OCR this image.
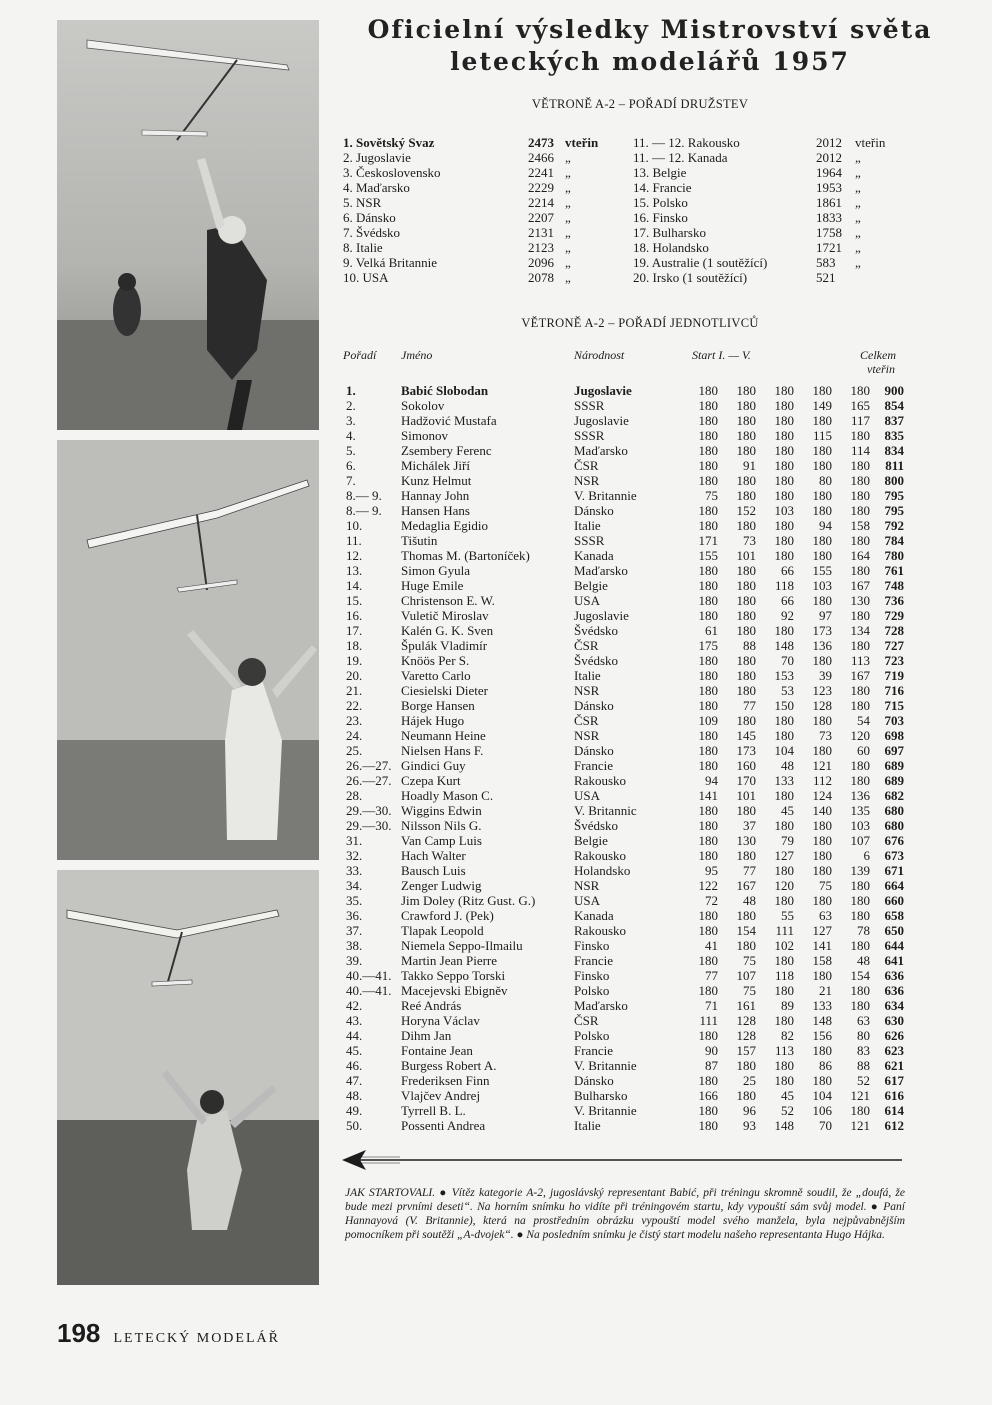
Oficielní výsledky Mistrovství světa
leteckých modelářů 1957
VĚTRONĚ A-2 – POŘADÍ DRUŽSTEV
1. Sovětský Svaz	2473 vteřin
2. Jugoslavie	2466 „
3. Československo	2241 „
4. Maďarsko	2229 „
5. NSR	2214 „
6. Dánsko	2207 „
7. Švédsko	2131 „
8. Italie	2123 „
9. Velká Britannie	2096 „
10. USA	2078 „
11. — 12. Rakousko	2012 vteřin
11. — 12. Kanada	2012 „
13. Belgie	1964 „
14. Francie	1953 „
15. Polsko	1861 „
16. Finsko	1833 „
17. Bulharsko	1758 „
18. Holandsko	1721 „
19. Australie (1 soutěžící)	583 „
20. Irsko (1 soutěžící)	521
VĚTRONĚ A-2 – POŘADÍ JEDNOTLIVCŮ
Pořadí Jméno	Národnost	Start I. — V.	Celkem
vteřin
1.	Babić Slobodan	Jugoslavie	180	180	180	180	180	900
2.	Sokolov	SSSR	180	180	180	149	165	854
3.	Hadžović Mustafa	Jugoslavie	180	180	180	180	117	837
4.	Simonov	SSSR	180	180	180	115	180	835
5.	Zsembery Ferenc	Maďarsko	180	180	180	180	114	834
6.	Michálek Jiří	ČSR	180	91	180	180	180	811
7.	Kunz Helmut	NSR	180	180	180	80	180	800
8.— 9. Hannay John	V. Britannie	75	180	180	180	180	795
8.— 9. Hansen Hans	Dánsko	180	152	103	180	180	795
10.	Medaglia Egidio	Italie	180	180	180	94	158	792
11.	Tišutin	SSSR	171	73	180	180	180	784
12.	Thomas M. (Bartoníček)	Kanada	155	101	180	180	164	780
13.	Simon Gyula	Maďarsko	180	180	66	155	180	761
14.	Huge Emile	Belgie	180	180	118	103	167	748
15.	Christenson E. W.	USA	180	180	66	180	130	736
16.	Vuletič Miroslav	Jugoslavie	180	180	92	97	180	729
17.	Kalén G. K. Sven	Švédsko	61	180	180	173	134	728
18.	Špulák Vladimír	ČSR	175	88	148	136	180	727
19.	Knöös Per S.	Švédsko	180	180	70	180	113	723
20.	Varetto Carlo	Italie	180	180	153	39	167	719
21.	Ciesielski Dieter	NSR	180	180	53	123	180	716
22.	Borge Hansen	Dánsko	180	77	150	128	180	715
23.	Hájek Hugo	ČSR	109	180	180	180	54	703
24.	Neumann Heine	NSR	180	145	180	73	120	698
25.	Nielsen Hans F.	Dánsko	180	173	104	180	60	697
26.—27. Gindici Guy	Francie	180	160	48	121	180	689
26.—27. Czepa Kurt	Rakousko	94	170	133	112	180	689
28.	Hoadly Mason C.	USA	141	101	180	124	136	682
29.—30. Wiggins Edwin	V. Britannic	180	180	45	140	135	680
29.—30. Nilsson Nils G.	Švédsko	180	37	180	180	103	680
31.	Van Camp Luis	Belgie	180	130	79	180	107	676
32.	Hach Walter	Rakousko	180	180	127	180	6	673
33.	Bausch Luis	Holandsko	95	77	180	180	139	671
34.	Zenger Ludwig	NSR	122	167	120	75	180	664
35.	Jim Doley (Ritz Gust. G.)	USA	72	48	180	180	180	660
36.	Crawford J. (Pek)	Kanada	180	180	55	63	180	658
37.	Tlapak Leopold	Rakousko	180	154	111	127	78	650
38.	Niemela Seppo-Ilmailu	Finsko	41	180	102	141	180	644
39.	Martin Jean Pierre	Francie	180	75	180	158	48	641
40.—41. Takko Seppo Torski	Finsko	77	107	118	180	154	636
40.—41. Macejevski Ebigněv	Polsko	180	75	180	21	180	636
42.	Reé András	Maďarsko	71	161	89	133	180	634
43.	Horyna Václav	ČSR	111	128	180	148	63	630
44.	Dihm Jan	Polsko	180	128	82	156	80	626
45.	Fontaine Jean	Francie	90	157	113	180	83	623
46.	Burgess Robert A.	V. Britannie	87	180	180	86	88	621
47.	Frederiksen Finn	Dánsko	180	25	180	180	52	617
48.	Vlajčev Andrej	Bulharsko	166	180	45	104	121	616
49.	Tyrrell B. L.	V. Britannie	180	96	52	106	180	614
50.	Possenti Andrea	Italie	180	93	148	70	121	612
JAK STARTOVALI. ● Vítěz kategorie A-2, jugoslávský representant Babić, při tréningu skromně soudil, že „doufá, že bude mezi prvními deseti“. Na horním snímku ho vidíte při tréningovém startu, kdy vypouští sám svůj model. ● Paní Hannayová (V. Britannie), která na prostředním obrázku vypouští model svého manžela, byla nejpůvabnějším pomocníkem při soutěži „A-dvojek“. ● Na posledním snímku je čistý start modelu našeho representanta Hugo Hájka.
198 LETECKÝ MODELÁŘ
